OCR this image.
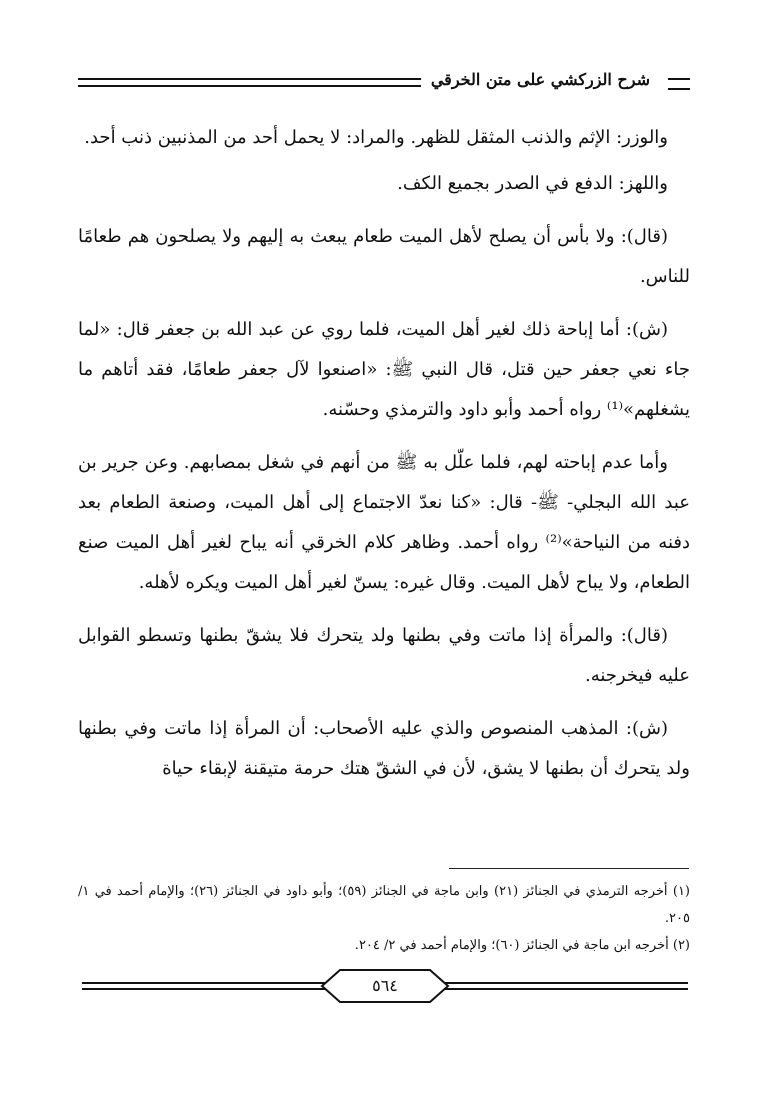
شرح الزركشي على متن الخرقي

والوزر: الإثم والذنب المثقل للظهر. والمراد: لا يحمل أحد من المذنبين ذنب أحد.

واللهز: الدفع في الصدر بجميع الكف.

(قال): ولا بأس أن يصلح لأهل الميت طعام يبعث به إليهم ولا يصلحون هم طعامًا للناس.

(ش): أما إباحة ذلك لغير أهل الميت، فلما روي عن عبد الله بن جعفر قال: «لما جاء نعي جعفر حين قتل، قال النبي ﷺ: «اصنعوا لآل جعفر طعامًا، فقد أتاهم ما يشغلهم»⁽¹⁾ رواه أحمد وأبو داود والترمذي وحسّنه.

وأما عدم إباحته لهم، فلما علّل به ﷺ من أنهم في شغل بمصابهم. وعن جرير بن عبد الله البجلي- ﷺ- قال: «كنا نعدّ الاجتماع إلى أهل الميت، وصنعة الطعام بعد دفنه من النياحة»⁽²⁾ رواه أحمد. وظاهر كلام الخرقي أنه يباح لغير أهل الميت صنع الطعام، ولا يباح لأهل الميت. وقال غيره: يسنّ لغير أهل الميت ويكره لأهله.

(قال): والمرأة إذا ماتت وفي بطنها ولد يتحرك فلا يشقّ بطنها وتسطو القوابل عليه فيخرجنه.

(ش): المذهب المنصوص والذي عليه الأصحاب: أن المرأة إذا ماتت وفي بطنها ولد يتحرك أن بطنها لا يشق، لأن في الشقّ هتك حرمة متيقنة لإبقاء حياة

(١) أخرجه الترمذي في الجنائز (٢١) وابن ماجة في الجنائز (٥٩)؛ وأبو داود في الجنائز (٢٦)؛ والإمام أحمد في ١/ ٢٠٥.

(٢) أخرجه ابن ماجة في الجنائز (٦٠)؛ والإمام أحمد في ٢/ ٢٠٤.

٥٦٤
